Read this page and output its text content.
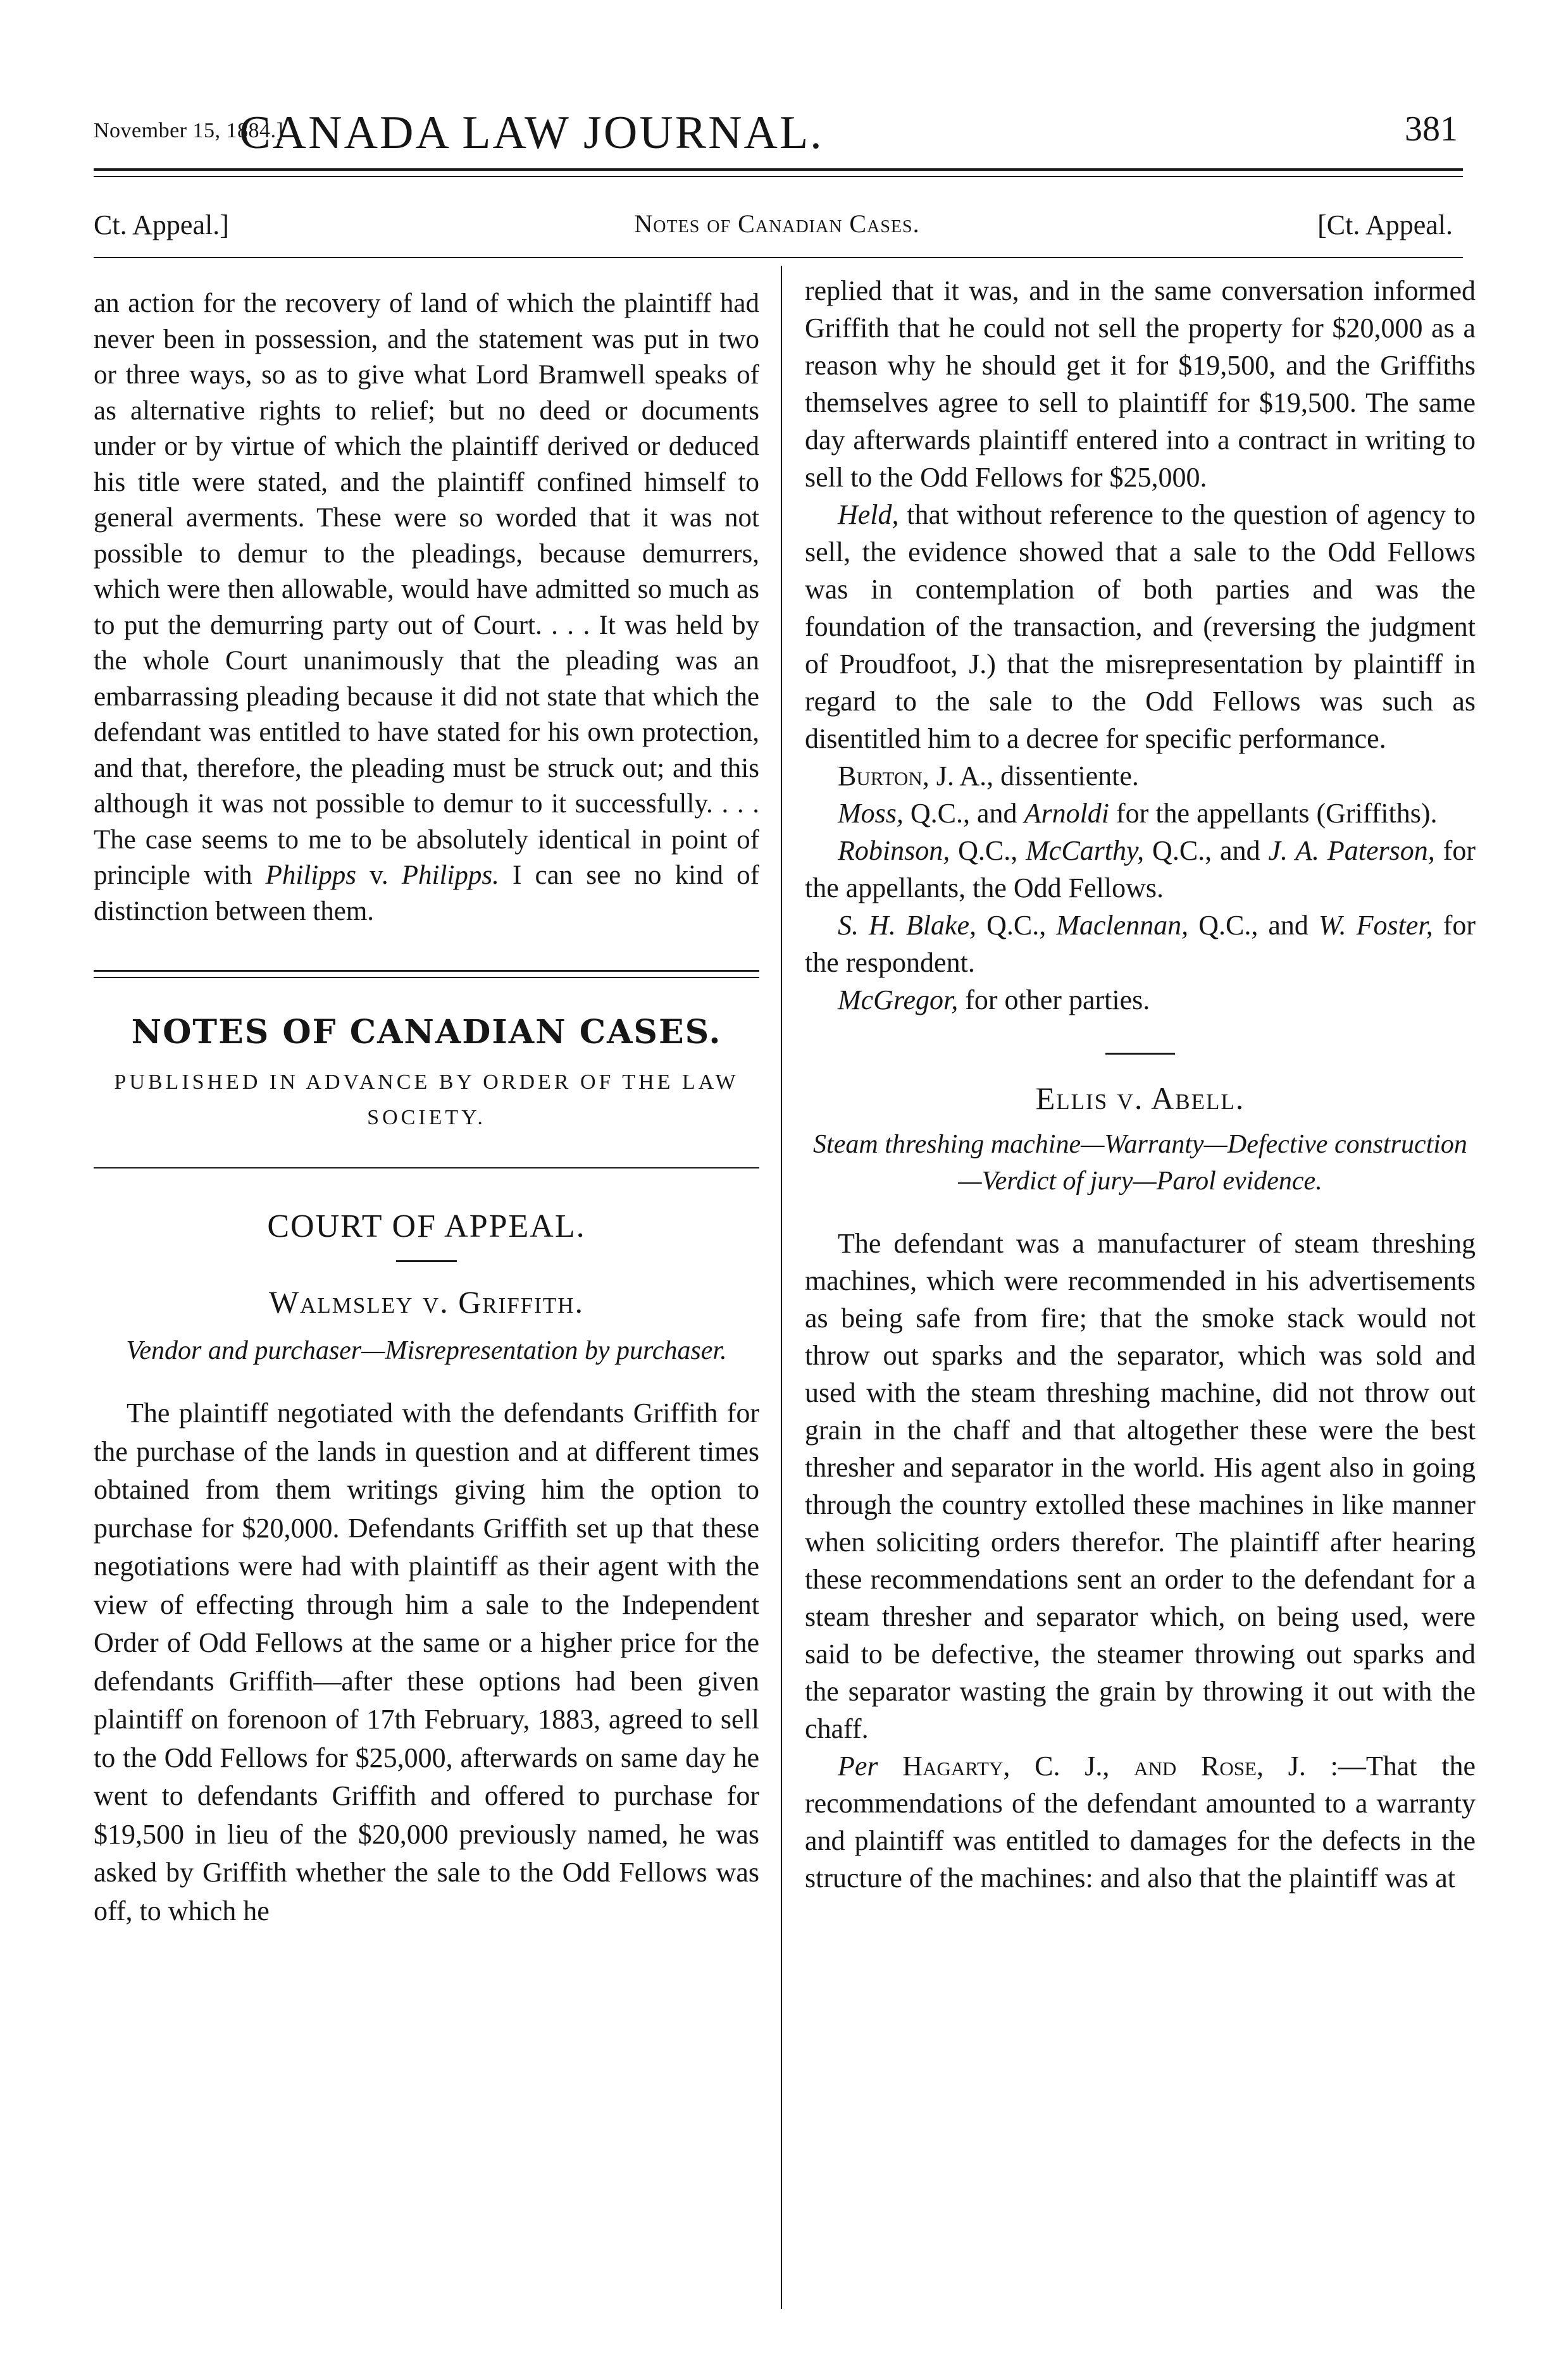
November 15, 1884.]
CANADA LAW JOURNAL.	381
Ct. Appeal.]	Notes of Canadian Cases.	[Ct. Appeal.

an action for the recovery of land of which the plaintiff had never been in possession, and the statement was put in two or three ways, so as to give what Lord Bramwell speaks of as alternative rights to relief; but no deed or documents under or by virtue of which the plaintiff derived or deduced his title were stated, and the plaintiff confined himself to general averments. These were so worded that it was not possible to demur to the pleadings, because demurrers, which were then allowable, would have admitted so much as to put the demurring party out of Court. . . . It was held by the whole Court unanimously that the pleading was an embarrassing pleading because it did not state that which the defendant was entitled to have stated for his own protection, and that, therefore, the pleading must be struck out; and this although it was not possible to demur to it successfully. . . . The case seems to me to be absolutely identical in point of principle with Philipps v. Philipps. I can see no kind of distinction between them.

NOTES OF CANADIAN CASES.
PUBLISHED IN ADVANCE BY ORDER OF THE LAW SOCIETY.
COURT OF APPEAL.
Walmsley v. Griffith.
Vendor and purchaser—Misrepresentation by purchaser.

The plaintiff negotiated with the defendants Griffith for the purchase of the lands in question and at different times obtained from them writings giving him the option to purchase for $20,000. Defendants Griffith set up that these negotiations were had with plaintiff as their agent with the view of effecting through him a sale to the Independent Order of Odd Fellows at the same or a higher price for the defendants Griffith—after these options had been given plaintiff on forenoon of 17th February, 1883, agreed to sell to the Odd Fellows for $25,000, afterwards on same day he went to defendants Griffith and offered to purchase for $19,500 in lieu of the $20,000 previously named, he was asked by Griffith whether the sale to the Odd Fellows was off, to which he

replied that it was, and in the same conversation informed Griffith that he could not sell the property for $20,000 as a reason why he should get it for $19,500, and the Griffiths themselves agree to sell to plaintiff for $19,500. The same day afterwards plaintiff entered into a contract in writing to sell to the Odd Fellows for $25,000.

Held, that without reference to the question of agency to sell, the evidence showed that a sale to the Odd Fellows was in contemplation of both parties and was the foundation of the transaction, and (reversing the judgment of Proudfoot, J.) that the misrepresentation by plaintiff in regard to the sale to the Odd Fellows was such as disentitled him to a decree for specific performance.

Burton, J. A., dissentiente.

Moss, Q.C., and Arnoldi for the appellants (Griffiths).

Robinson, Q.C., McCarthy, Q.C., and J. A. Paterson, for the appellants, the Odd Fellows.

S. H. Blake, Q.C., Maclennan, Q.C., and W. Foster, for the respondent.

McGregor, for other parties.

Ellis v. Abell.
Steam threshing machine—Warranty—Defective construction—Verdict of jury—Parol evidence.

The defendant was a manufacturer of steam threshing machines, which were recommended in his advertisements as being safe from fire; that the smoke stack would not throw out sparks and the separator, which was sold and used with the steam threshing machine, did not throw out grain in the chaff and that altogether these were the best thresher and separator in the world. His agent also in going through the country extolled these machines in like manner when soliciting orders therefor. The plaintiff after hearing these recommendations sent an order to the defendant for a steam thresher and separator which, on being used, were said to be defective, the steamer throwing out sparks and the separator wasting the grain by throwing it out with the chaff.

Per Hagarty, C. J., and Rose, J. :—That the recommendations of the defendant amounted to a warranty and plaintiff was entitled to damages for the defects in the structure of the machines: and also that the plaintiff was at
